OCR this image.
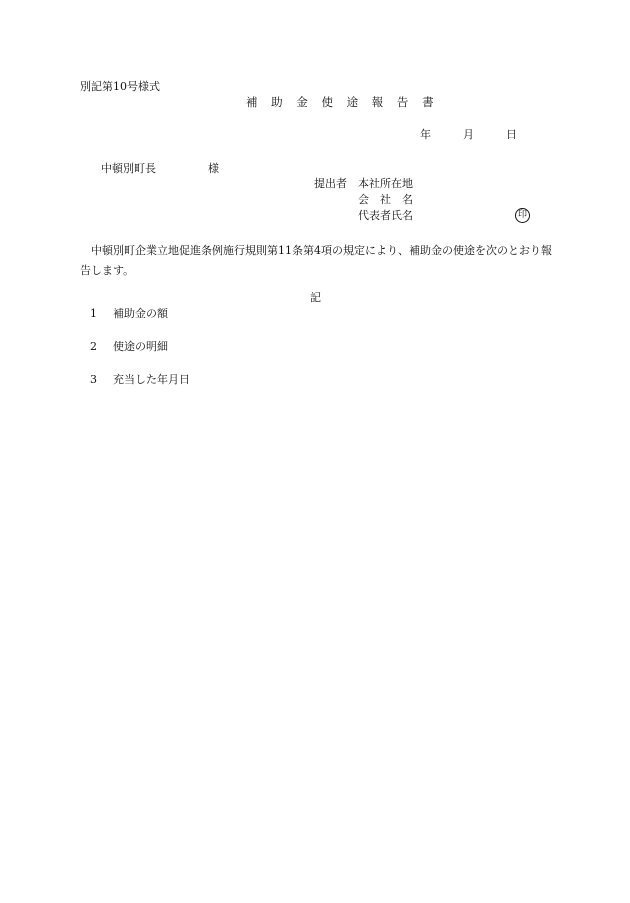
別記第10号様式
補 助 金 使 途 報 告 書
年	月	日
中頓別町長	様
提出者 本社所在地
会　社　名
代表者氏名	印
　中頓別町企業立地促進条例施行規則第11条第4項の規定により、補助金の使途を次のとおり報告します。
記
1 補助金の額
2 使途の明細
3 充当した年月日
